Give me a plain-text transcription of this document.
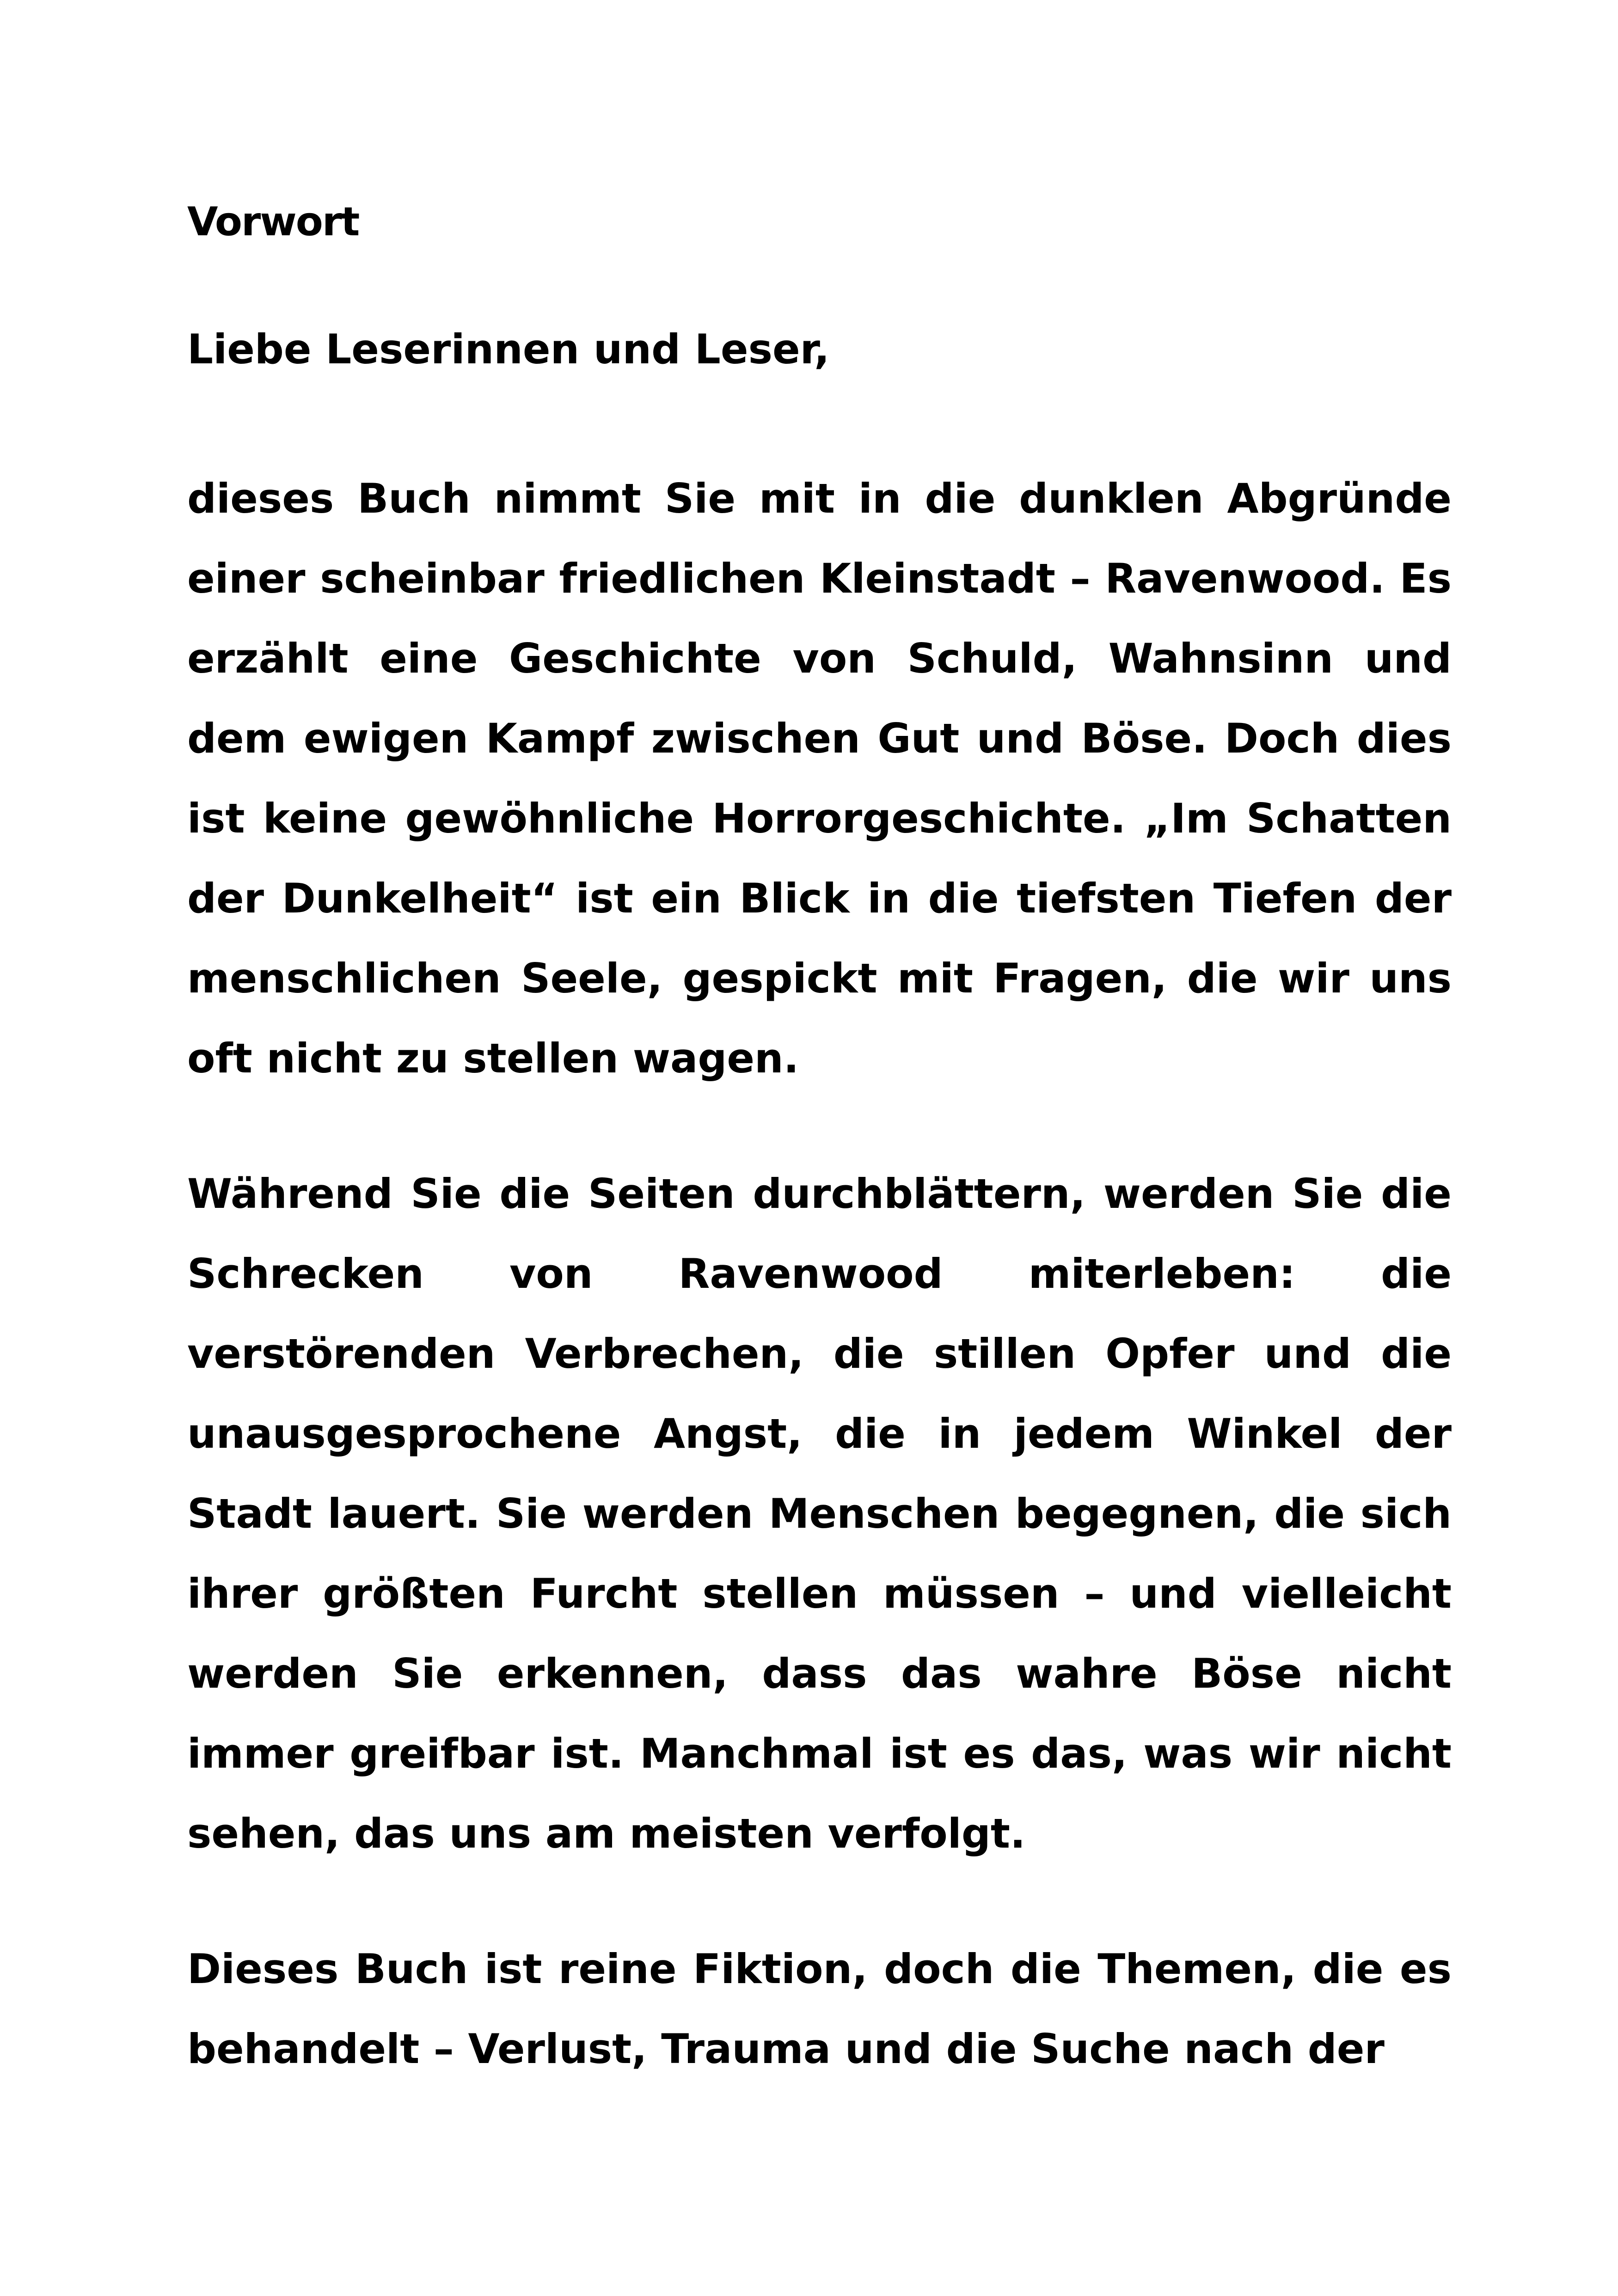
Vorwort
Liebe Leserinnen und Leser,

dieses Buch nimmt Sie mit in die dunklen Abgründe einer scheinbar friedlichen Kleinstadt – Ravenwood. Es erzählt eine Geschichte von Schuld, Wahnsinn und dem ewigen Kampf zwischen Gut und Böse. Doch dies ist keine gewöhnliche Horrorgeschichte. „Im Schatten der Dunkelheit“ ist ein Blick in die tiefsten Tiefen der menschlichen Seele, gespickt mit Fragen, die wir uns oft nicht zu stellen wagen.

Während Sie die Seiten durchblättern, werden Sie die Schrecken von Ravenwood miterleben: die verstörenden Verbrechen, die stillen Opfer und die unausgesprochene Angst, die in jedem Winkel der Stadt lauert. Sie werden Menschen begegnen, die sich ihrer größten Furcht stellen müssen – und vielleicht werden Sie erkennen, dass das wahre Böse nicht immer greifbar ist. Manchmal ist es das, was wir nicht sehen, das uns am meisten verfolgt.

Dieses Buch ist reine Fiktion, doch die Themen, die es behandelt – Verlust, Trauma und die Suche nach der
